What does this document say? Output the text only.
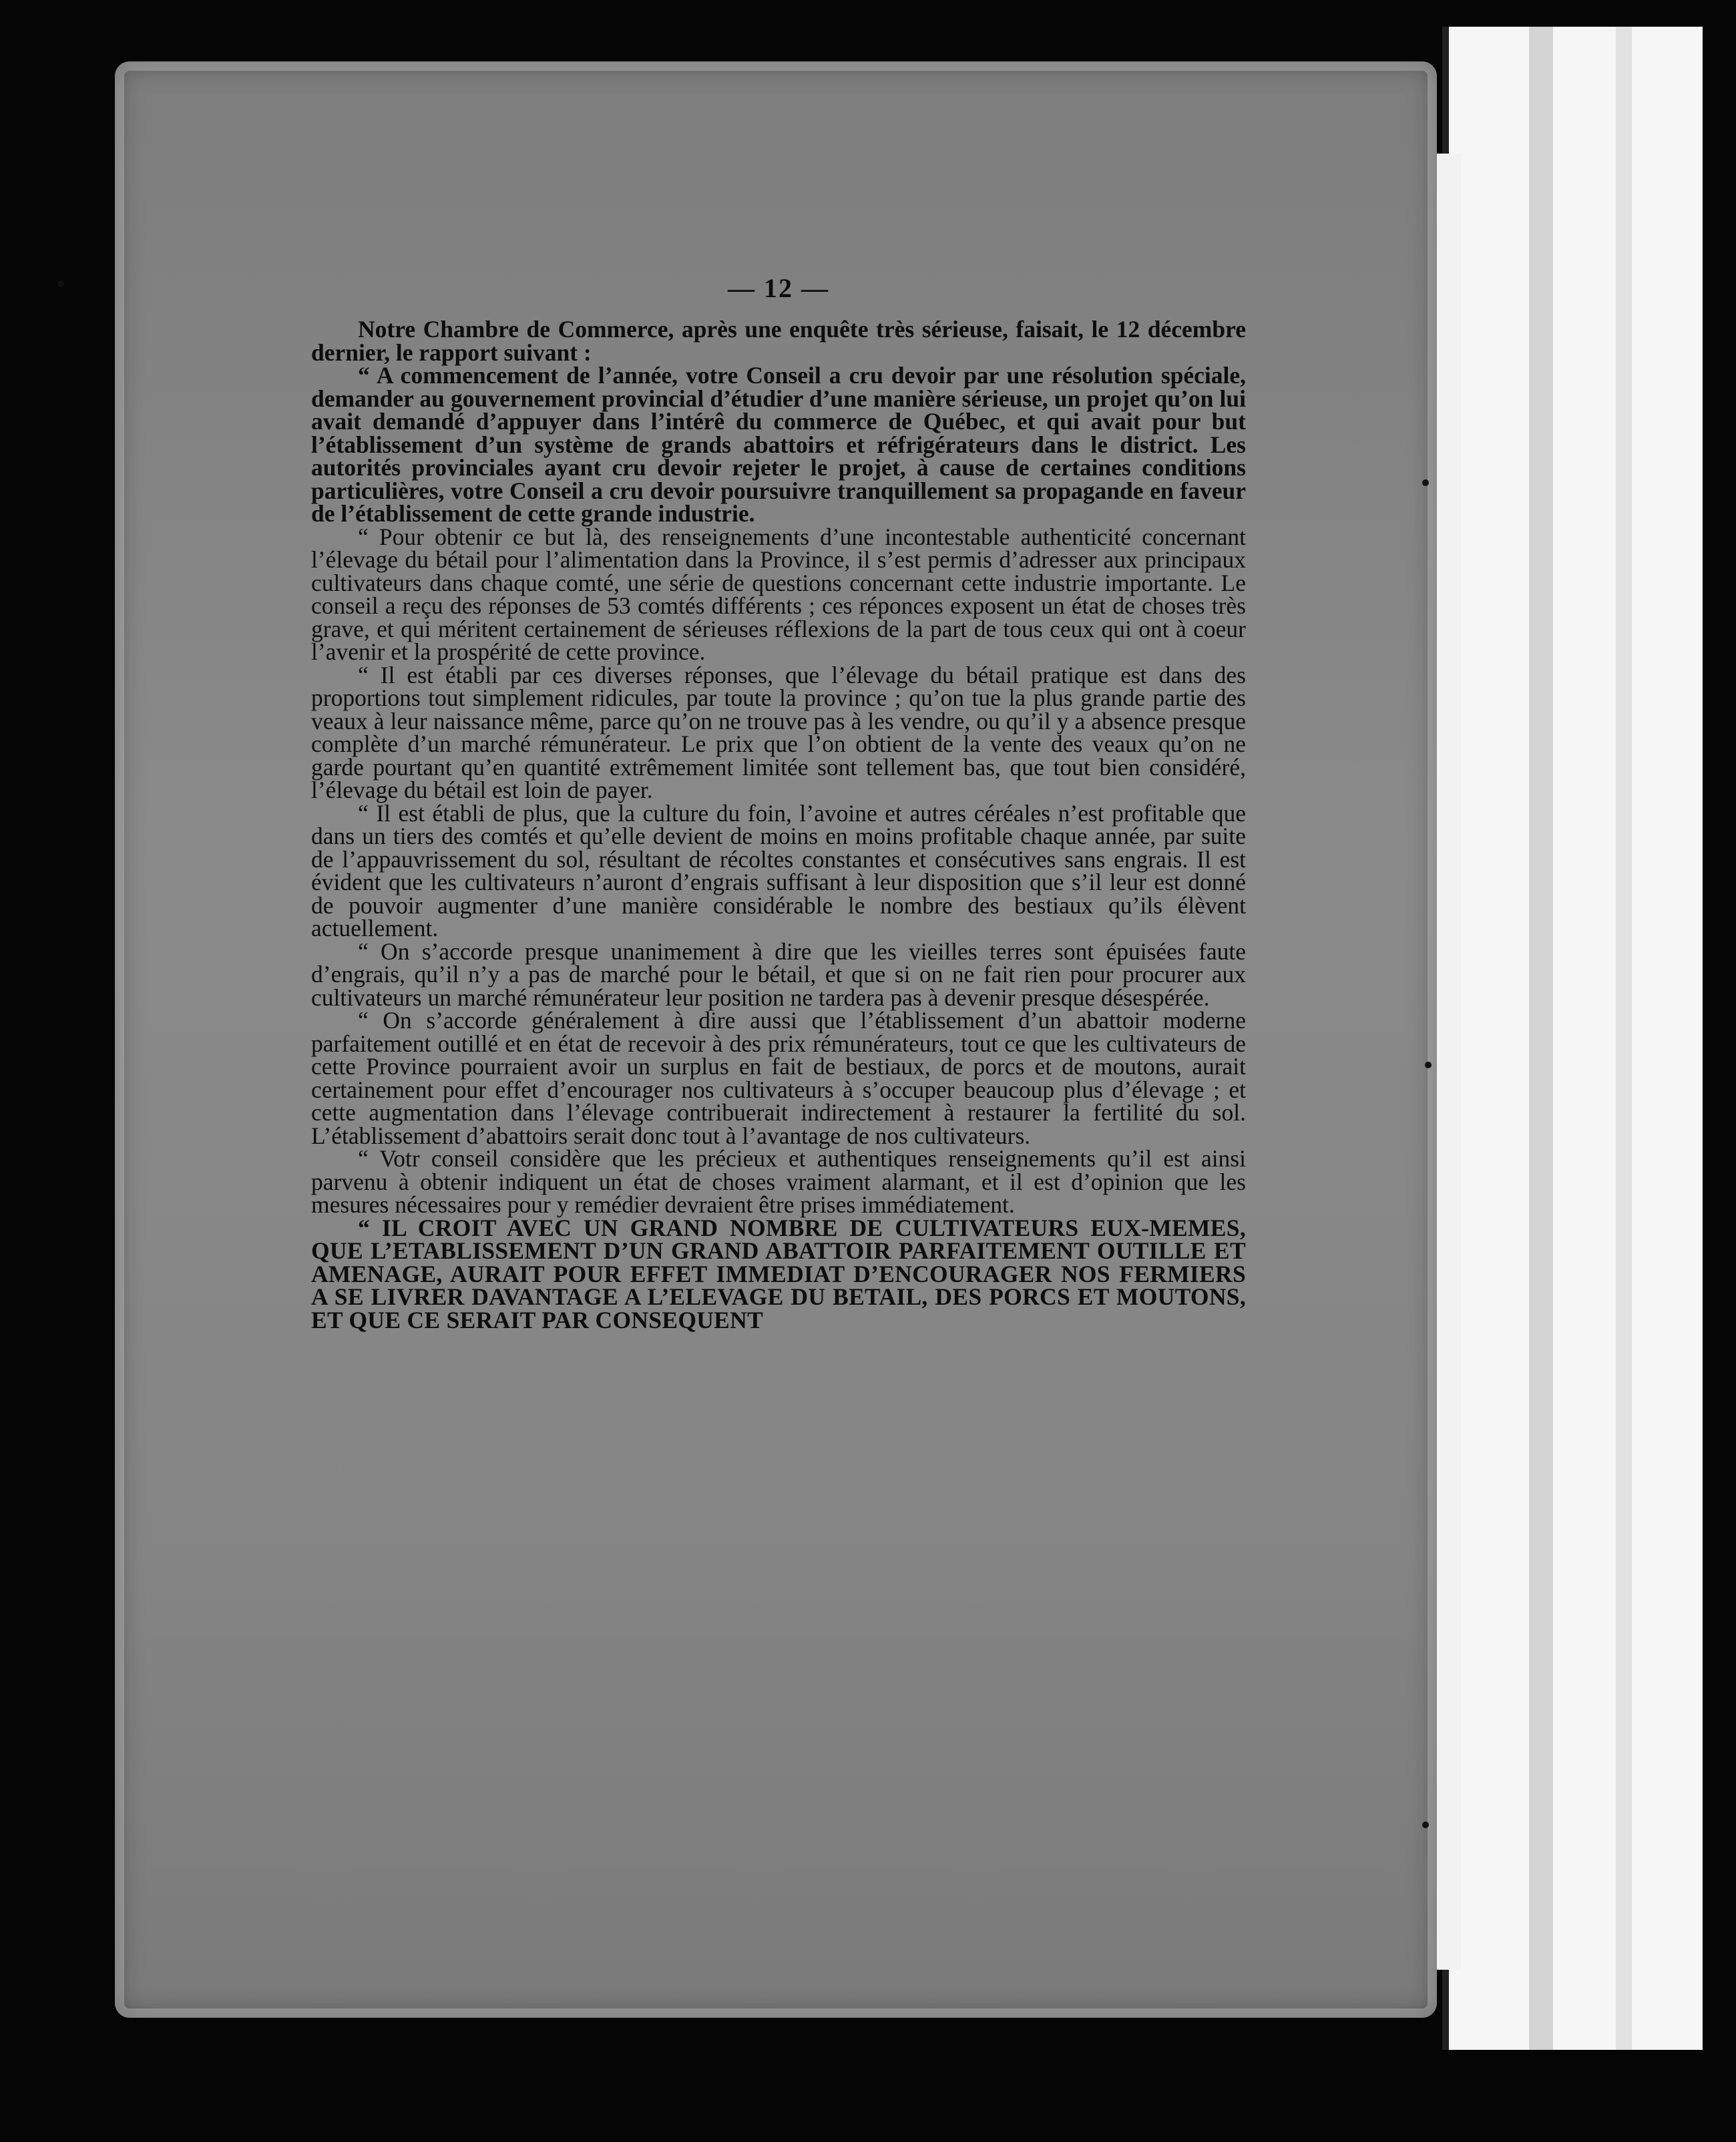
— 12 —

Notre Chambre de Commerce, après une enquête très sérieuse, faisait, le 12 décembre dernier, le rapport suivant :

“ A commencement de l’année, votre Conseil a cru devoir par une résolution spéciale, demander au gouvernement provincial d’étudier d’une manière sérieuse, un projet qu’on lui avait demandé d’appuyer dans l’intérê du commerce de Québec, et qui avait pour but l’établissement d’un système de grands abattoirs et réfrigérateurs dans le district. Les autorités provinciales ayant cru devoir rejeter le projet, à cause de certaines conditions particulières, votre Conseil a cru devoir poursuivre tranquillement sa propagande en faveur de l’établissement de cette grande industrie.

“ Pour obtenir ce but là, des renseignements d’une incontestable authenticité concernant l’élevage du bétail pour l’alimentation dans la Province, il s’est permis d’adresser aux principaux cultivateurs dans chaque comté, une série de questions concernant cette industrie importante. Le conseil a reçu des réponses de 53 comtés différents ; ces réponces exposent un état de choses très grave, et qui méritent certainement de sérieuses réflexions de la part de tous ceux qui ont à coeur l’avenir et la prospérité de cette province.

“ Il est établi par ces diverses réponses, que l’élevage du bétail pratique est dans des proportions tout simplement ridicules, par toute la province ; qu’on tue la plus grande partie des veaux à leur naissance même, parce qu’on ne trouve pas à les vendre, ou qu’il y a absence presque complète d’un marché rémunérateur. Le prix que l’on obtient de la vente des veaux qu’on ne garde pourtant qu’en quantité extrêmement limitée sont tellement bas, que tout bien considéré, l’élevage du bétail est loin de payer.

“ Il est établi de plus, que la culture du foin, l’avoine et autres céréales n’est profitable que dans un tiers des comtés et qu’elle devient de moins en moins profitable chaque année, par suite de l’appauvrissement du sol, résultant de récoltes constantes et consécutives sans engrais. Il est évident que les cultivateurs n’auront d’engrais suffisant à leur disposition que s’il leur est donné de pouvoir augmenter d’une manière considérable le nombre des bestiaux qu’ils élèvent actuellement.

“ On s’accorde presque unanimement à dire que les vieilles terres sont épuisées faute d’engrais, qu’il n’y a pas de marché pour le bétail, et que si on ne fait rien pour procurer aux cultivateurs un marché rémunérateur leur position ne tardera pas à devenir presque désespérée.

“ On s’accorde généralement à dire aussi que l’établissement d’un abattoir moderne parfaitement outillé et en état de recevoir à des prix rémunérateurs, tout ce que les cultivateurs de cette Province pourraient avoir un surplus en fait de bestiaux, de porcs et de moutons, aurait certainement pour effet d’encourager nos cultivateurs à s’occuper beaucoup plus d’élevage ; et cette augmentation dans l’élevage contribuerait indirectement à restaurer la fertilité du sol. L’établissement d’abattoirs serait donc tout à l’avantage de nos cultivateurs.

“ Votr conseil considère que les précieux et authentiques renseignements qu’il est ainsi parvenu à obtenir indiquent un état de choses vraiment alarmant, et il est d’opinion que les mesures nécessaires pour y remédier devraient être prises immédiatement.

“ IL CROIT AVEC UN GRAND NOMBRE DE CULTIVATEURS EUX-MEMES, QUE L’ETABLISSEMENT D’UN GRAND ABATTOIR PARFAITEMENT OUTILLE ET AMENAGE, AURAIT POUR EFFET IMMEDIAT D’ENCOURAGER NOS FERMIERS A SE LIVRER DAVANTAGE A L’ELEVAGE DU BETAIL, DES PORCS ET MOUTONS, ET QUE CE SERAIT PAR CONSEQUENT
